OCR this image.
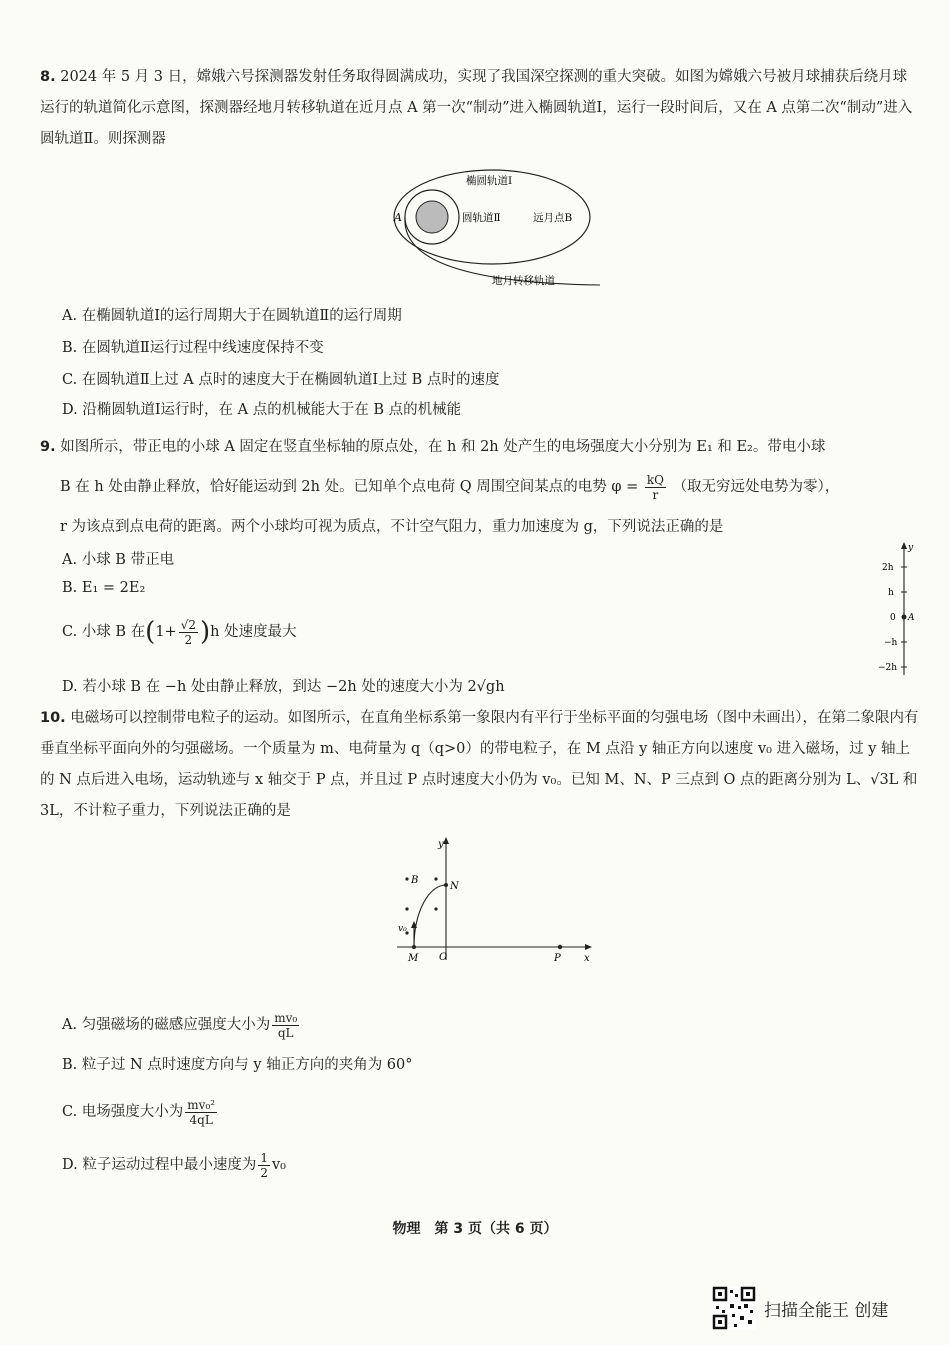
8. 2024 年 5 月 3 日，嫦娥六号探测器发射任务取得圆满成功，实现了我国深空探测的重大突破。如图为嫦娥六号被月球捕获后绕月球运行的轨道简化示意图，探测器经地月转移轨道在近月点 A 第一次“制动”进入椭圆轨道Ⅰ，运行一段时间后，又在 A 点第二次“制动”进入圆轨道Ⅱ。则探测器
A
椭圆轨道Ⅰ
圆轨道Ⅱ	远月点B
地月转移轨道
A. 在椭圆轨道Ⅰ的运行周期大于在圆轨道Ⅱ的运行周期
B. 在圆轨道Ⅱ运行过程中线速度保持不变
C. 在圆轨道Ⅱ上过 A 点时的速度大于在椭圆轨道Ⅰ上过 B 点时的速度
D. 沿椭圆轨道Ⅰ运行时，在 A 点的机械能大于在 B 点的机械能
9. 如图所示，带正电的小球 A 固定在竖直坐标轴的原点处，在 h 和 2h 处产生的电场强度大小分别为 E₁ 和 E₂。带电小球
B 在 h 处由静止释放，恰好能运动到 2h 处。已知单个点电荷 Q 周围空间某点的电势 $\varphi = \frac{kQ}{r}$ （取无穷远处电势为零），
r 为该点到点电荷的距离。两个小球均可视为质点，不计空气阻力，重力加速度为 g，下列说法正确的是
A. 小球 B 带正电
B. E₁ = 2E₂
C. 小球 B 在$(1+ \frac{√2}{2} )h$ 处速度最大
D. 若小球 B 在 −h 处由静止释放，到达 −2h 处的速度大小为 2√gh
y
2h
h
0 A
−h
−2h
10. 电磁场可以控制带电粒子的运动。如图所示，在直角坐标系第一象限内有平行于坐标平面的匀强电场（图中未画出），在第二象限内有垂直坐标平面向外的匀强磁场。一个质量为 m、电荷量为 q（q>0）的带电粒子，在 M 点沿 y 轴正方向以速度 v₀ 进入磁场，过 y 轴上的 N 点后进入电场，运动轨迹与 x 轴交于 P 点，并且过 P 点时速度大小仍为 v₀。已知 M、N、P 三点到 O 点的距离分别为 L、√3L 和 3L，不计粒子重力，下列说法正确的是
y
x
O
B
N
v₀
M	P
A. 匀强磁场的磁感应强度大小为 $\frac{\text{mv₀}}{qL}$
B. 粒子过 N 点时速度方向与 y 轴正方向的夹角为 60°
C. 电场强度大小为 $\frac{\text{mv₀²}}{4qL}$
D. 粒子运动过程中最小速度为 $\frac{1}{2} v_0$
物理　第 3 页（共 6 页）
扫描全能王 创建
